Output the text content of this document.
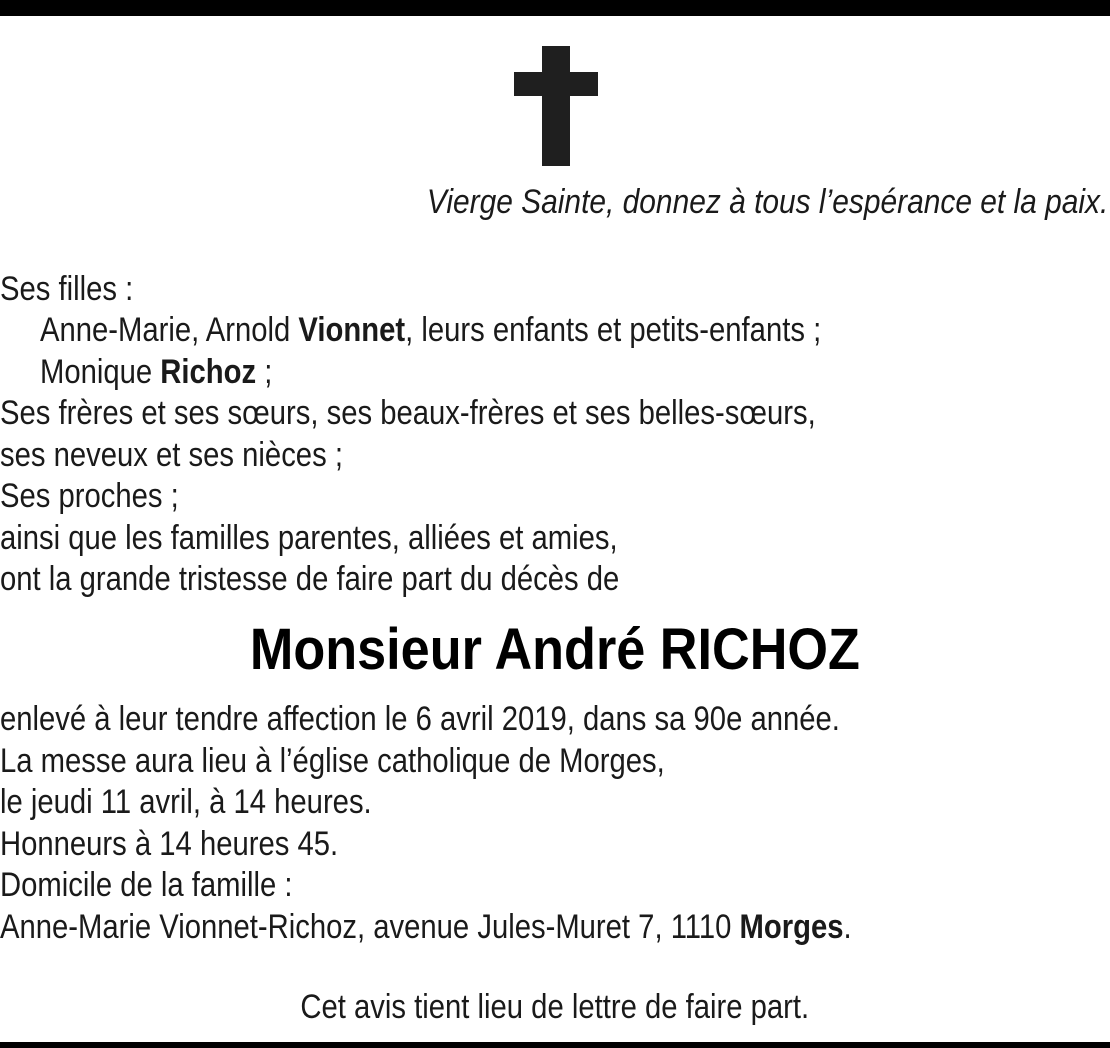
Vierge Sainte, donnez à tous l’espérance et la paix.
Ses filles :
Anne-Marie, Arnold Vionnet, leurs enfants et petits-enfants ;
Monique Richoz ;
Ses frères et ses sœurs, ses beaux-frères et ses belles-sœurs,
ses neveux et ses nièces ;
Ses proches ;
ainsi que les familles parentes, alliées et amies,
ont la grande tristesse de faire part du décès de
Monsieur André RICHOZ
enlevé à leur tendre affection le 6 avril 2019, dans sa 90e année.
La messe aura lieu à l’église catholique de Morges,
le jeudi 11 avril, à 14 heures.
Honneurs à 14 heures 45.
Domicile de la famille :
Anne-Marie Vionnet-Richoz, avenue Jules-Muret 7, 1110 Morges.
Cet avis tient lieu de lettre de faire part.
